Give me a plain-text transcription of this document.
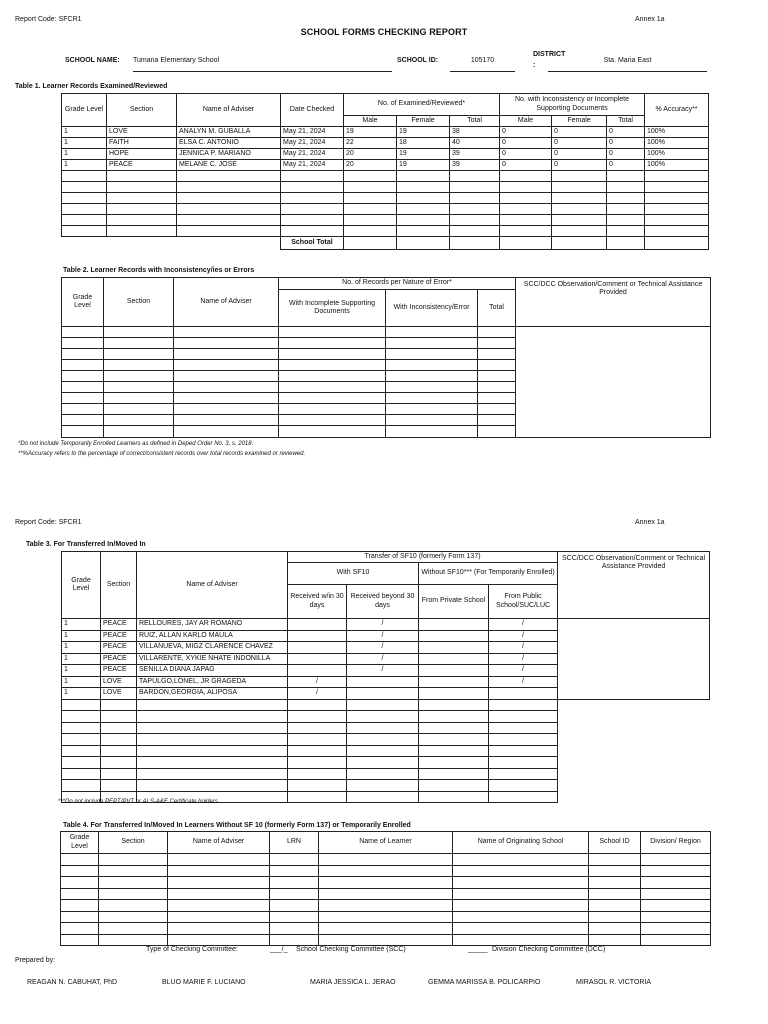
Report Code: SFCR1	Annex 1a
SCHOOL FORMS CHECKING REPORT
SCHOOL NAME: Tumana Elementary School	SCHOOL ID:	105170
DISTRICT
:
Sta. Maria East
Table 1. Learner Records Examined/Reviewed
Grade Level	Section	Name of Adviser	Date Checked	No. of Examined/Reviewed*			No. with Inconsistency or Incomplete Supporting Documents			% Accuracy**
				Male	Female	Total	Male	Female	Total	
1	LOVE	ANALYN M. GUBALLA	May 21, 2024	19	19	38	0	0	0	100%
1	FAITH	ELSA C. ANTONIO	May 21, 2024	22	18	40	0	0	0	100%
1	HOPE	JENNICA P. MARIANO	May 21, 2024	20	19	39	0	0	0	100%
1	PEACE	MELANE C. JOSE	May 21, 2024	20	19	39	0	0	0	100%

			School Total							
Table 2. Learner Records with Inconsistency/ies or Errors
Grade Level	Section	Name of Adviser	No. of Records per Nature of Error*			SCC/DCC Observation/Comment or Technical Assistance Provided
			With Incomplete Supporting Documents	With Inconsistency/Error	Total	

*Do not include Temporarily Enrolled Learners as defined in Deped Order No. 3, s. 2018.
**%Accuracy refers to the percentage of correct/consistent records over total records examined or reviewed.
Report Code: SFCR1	Annex 1a
Table 3. For Transferred In/Moved In
Grade Level	Section	Name of Adviser	Transfer of SF10 (formerly Form 137)				SCC/DCC Observation/Comment or Technical Assistance Provided
			With SF10		Without SF10*** (For Temporarily Enrolled)		
			Received w/in 30 days	Received beyond 30 days	From Private School	From Public School/SUC/LUC	
1	PEACE	RELLOURES, JAY AR ROMANO		/		/	
1	PEACE	RUIZ, ALLAN KARLO MAULA		/		/	
1	PEACE	VILLANUEVA, MIGZ CLARENCE CHAVEZ		/		/	
1	PEACE	VILLARENTE, XYKIE NHATE INDONILLA		/		/	
1	PEACE	SENILLA DIANA JAPAG		/		/	
1	LOVE	TAPULGO,LONEL, JR GRAGEDA	/			/	
1	LOVE	BARDON,GEORGIA, ALIPOSA	/				

***Do not include PEPT/PVT or ALS-A&E Certificate holders.
Table 4. For Transferred In/Moved In Learners Without SF 10 (formerly Form 137) or Temporarily Enrolled
Grade Level	Section	Name of Adviser	LRN	Name of Learner	Name of Originating School	School ID	Division/ Region

Type of Checking Committee:	___/_ School Checking Committee (SCC)	_____ Division Checking Committee (DCC)
Prepared by:
REAGAN N. CABUHAT, PhD	BLUO MARIE F. LUCIANO	MARIA JESSICA L. JERAO	GEMMA MARISSA B. POLICARPIO	MIRASOL R. VICTORIA
